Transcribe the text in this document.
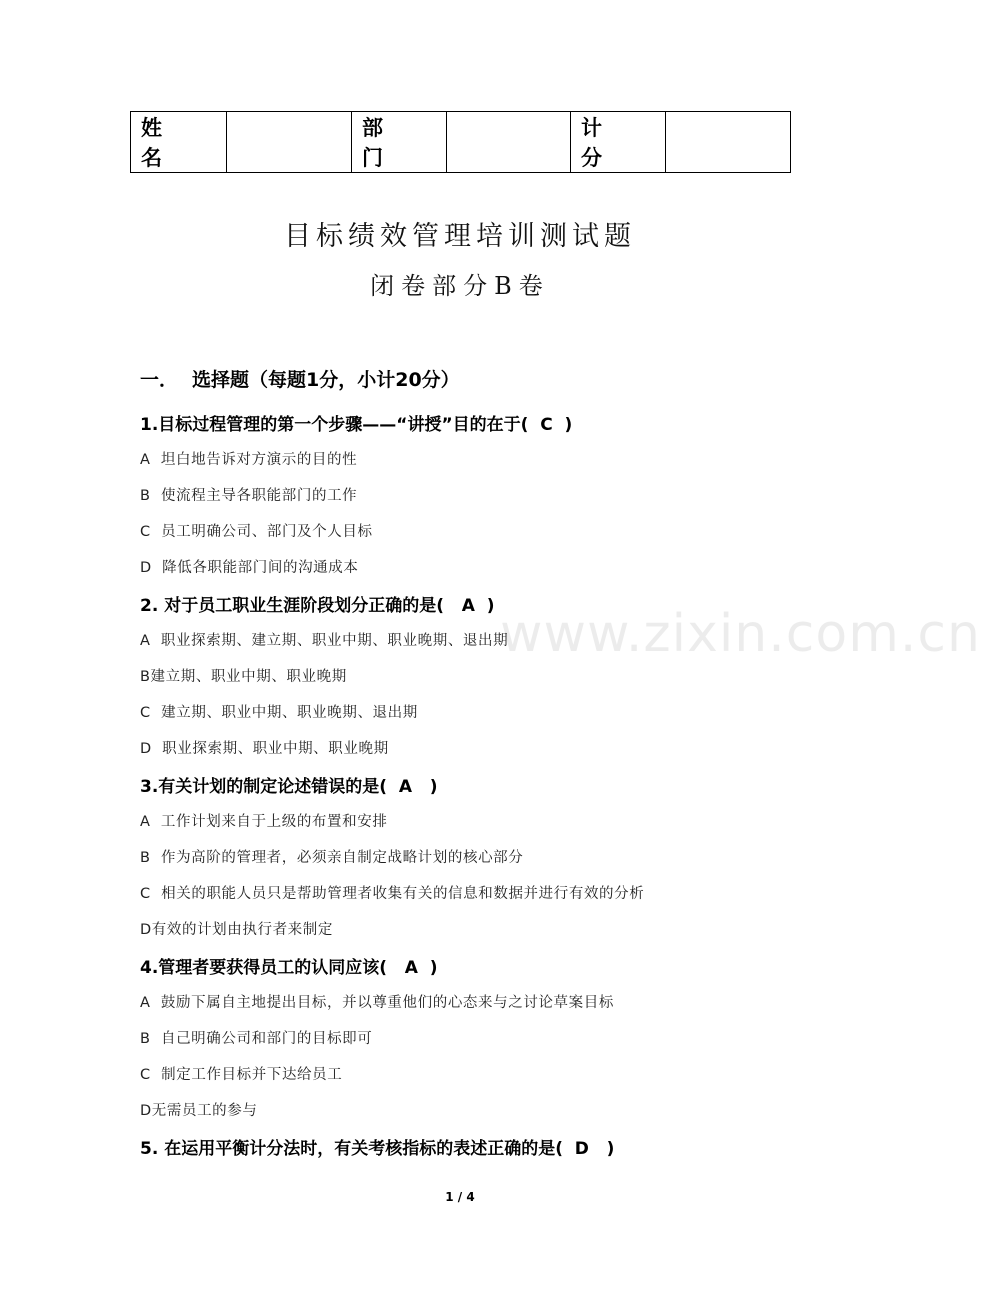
姓名		部门		计分	
目标绩效管理培训测试题
闭卷部分B卷
一． 选择题（每题1分，小计20分）
1.目标过程管理的第一个步骤——“讲授”目的在于(  C  )
A  坦白地告诉对方演示的目的性
B  使流程主导各职能部门的工作
C  员工明确公司、部门及个人目标
D  降低各职能部门间的沟通成本
2. 对于员工职业生涯阶段划分正确的是(   A  )
A  职业探索期、建立期、职业中期、职业晚期、退出期
B建立期、职业中期、职业晚期
C  建立期、职业中期、职业晚期、退出期
D  职业探索期、职业中期、职业晚期
3.有关计划的制定论述错误的是(  A   )
A  工作计划来自于上级的布置和安排
B  作为高阶的管理者，必须亲自制定战略计划的核心部分
C  相关的职能人员只是帮助管理者收集有关的信息和数据并进行有效的分析
D有效的计划由执行者来制定
4.管理者要获得员工的认同应该(   A  )
A  鼓励下属自主地提出目标，并以尊重他们的心态来与之讨论草案目标
B  自己明确公司和部门的目标即可
C  制定工作目标并下达给员工
D无需员工的参与
5. 在运用平衡计分法时，有关考核指标的表述正确的是(  D   )
www.zixin.com.cn
1 / 4
